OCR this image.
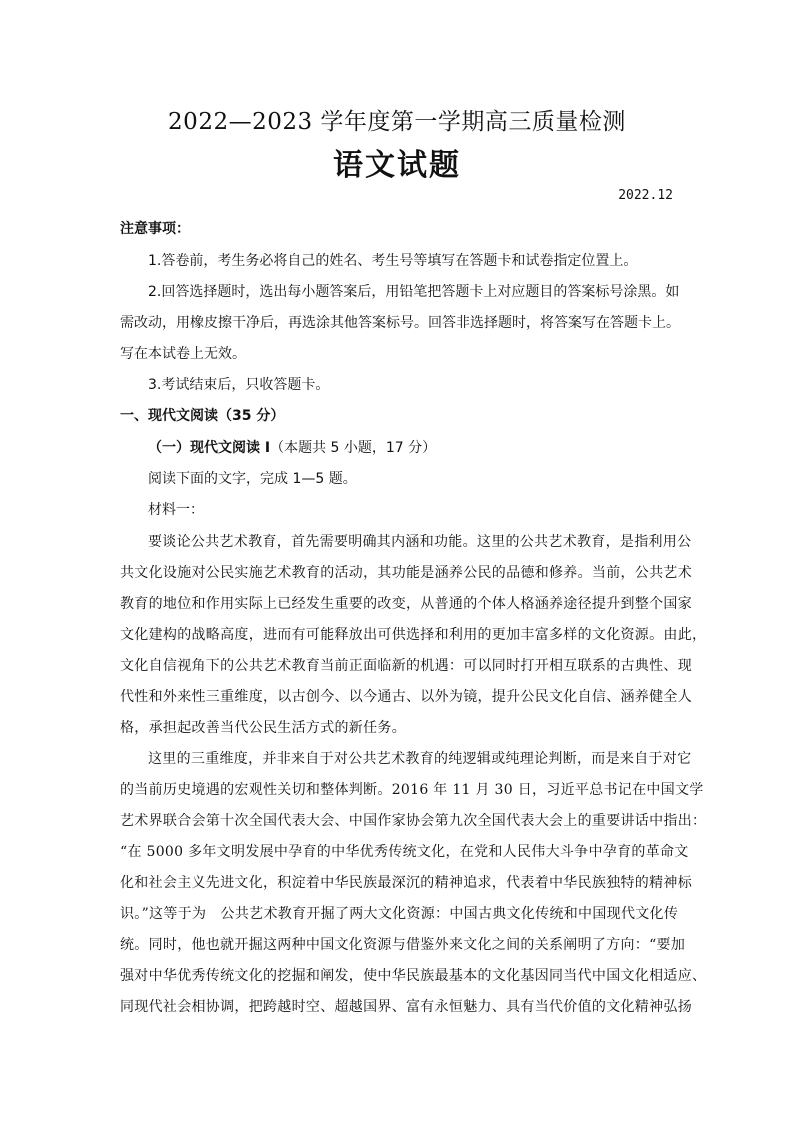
2022—2023 学年度第一学期高三质量检测
语文试题
2022.12
注意事项：
1.答卷前，考生务必将自己的姓名、考生号等填写在答题卡和试卷指定位置上。
2.回答选择题时，选出每小题答案后，用铅笔把答题卡上对应题目的答案标号涂黑。如
需改动，用橡皮擦干净后，再选涂其他答案标号。回答非选择题时，将答案写在答题卡上。
写在本试卷上无效。
3.考试结束后，只收答题卡。
一、现代文阅读（35 分）
（一）现代文阅读 I（本题共 5 小题，17 分）
阅读下面的文字，完成 1—5 题。
材料一：
要谈论公共艺术教育，首先需要明确其内涵和功能。这里的公共艺术教育，是指利用公
共文化设施对公民实施艺术教育的活动，其功能是涵养公民的品德和修养。当前，公共艺术
教育的地位和作用实际上已经发生重要的改变，从普通的个体人格涵养途径提升到整个国家
文化建构的战略高度，进而有可能释放出可供选择和利用的更加丰富多样的文化资源。由此，
文化自信视角下的公共艺术教育当前正面临新的机遇：可以同时打开相互联系的古典性、现
代性和外来性三重维度，以古创今、以今通古、以外为镜，提升公民文化自信、涵养健全人
格，承担起改善当代公民生活方式的新任务。
这里的三重维度，并非来自于对公共艺术教育的纯逻辑或纯理论判断，而是来自于对它
的当前历史境遇的宏观性关切和整体判断。2016 年 11 月 30 日，习近平总书记在中国文学
艺术界联合会第十次全国代表大会、中国作家协会第九次全国代表大会上的重要讲话中指出：
“在 5000 多年文明发展中孕育的中华优秀传统文化，在党和人民伟大斗争中孕育的革命文
化和社会主义先进文化，积淀着中华民族最深沉的精神追求，代表着中华民族独特的精神标
识。”这等于为　公共艺术教育开掘了两大文化资源：中国古典文化传统和中国现代文化传
统。同时，他也就开掘这两种中国文化资源与借鉴外来文化之间的关系阐明了方向：“要加
强对中华优秀传统文化的挖掘和阐发，使中华民族最基本的文化基因同当代中国文化相适应、
同现代社会相协调，把跨越时空、超越国界、富有永恒魅力、具有当代价值的文化精神弘扬
